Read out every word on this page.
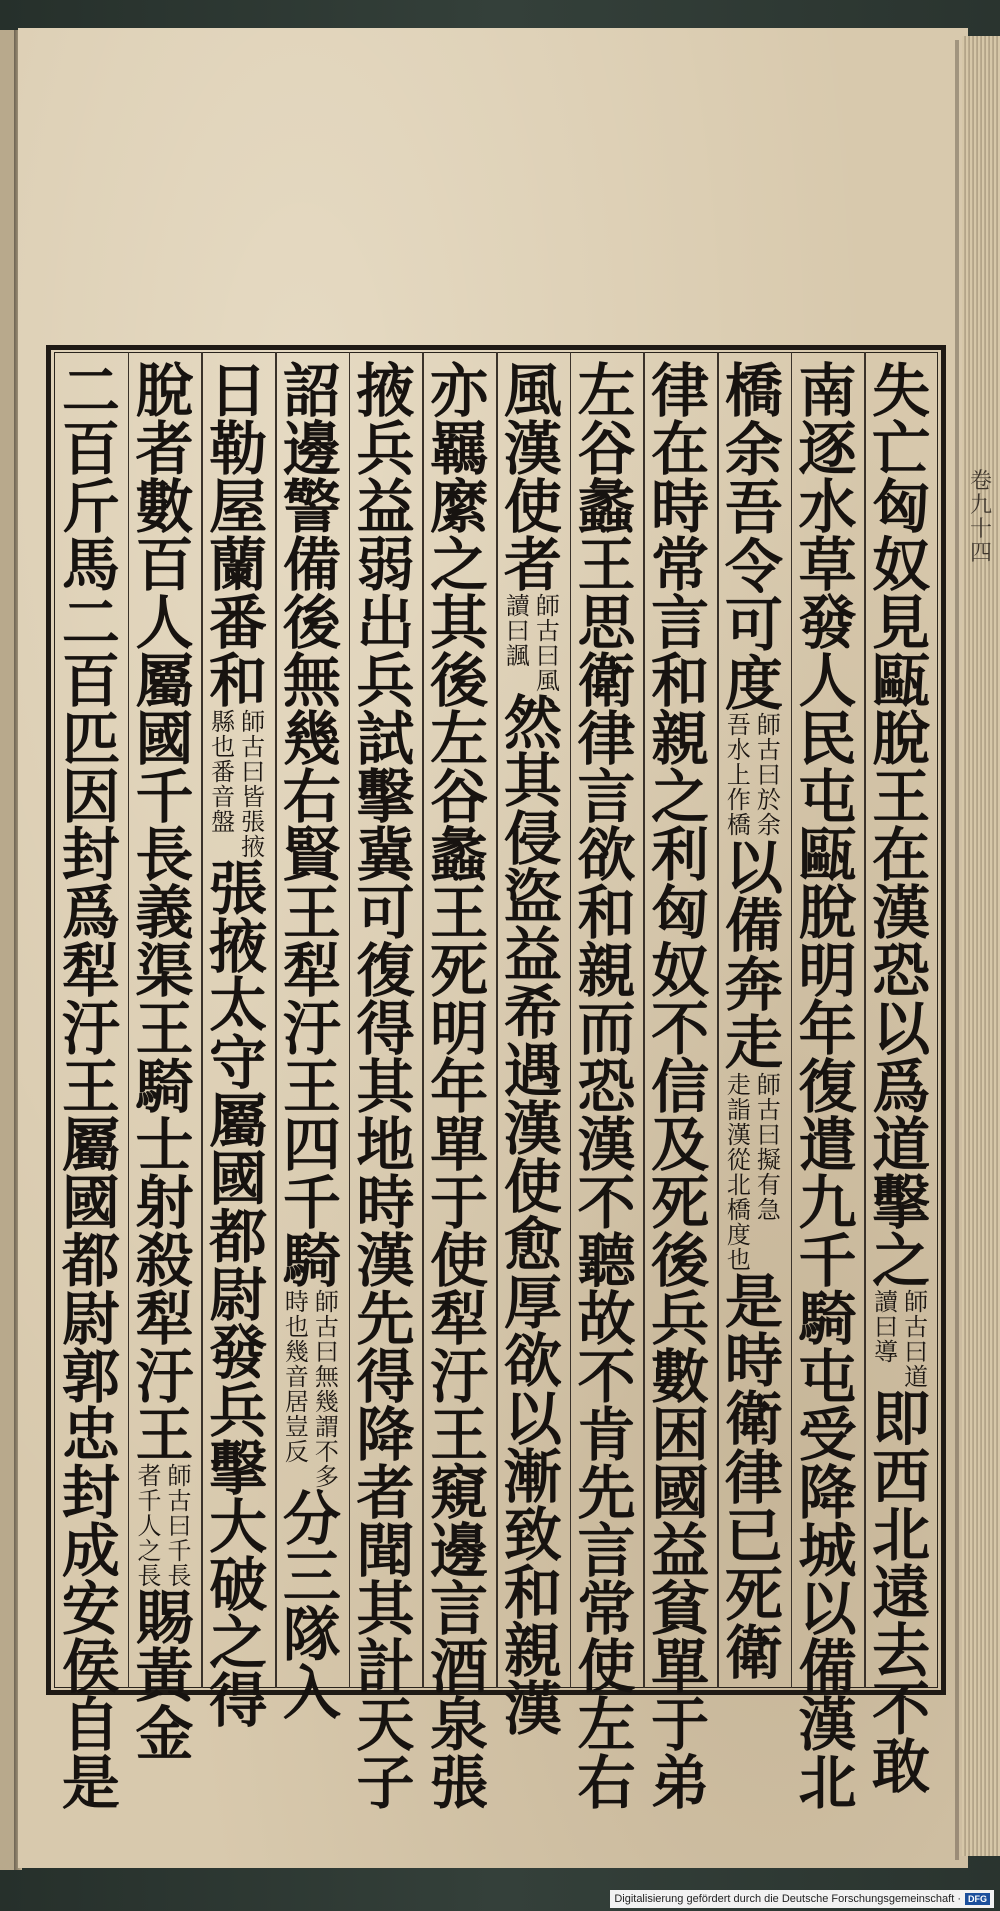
卷
九
十
四
失
亡
匈
奴
見
甌
脫
王
在
漢
恐
以
爲
道
擊
之
師
古
曰
道
讀
曰
導
即
西
北
遠
去
不
敢
南
逐
水
草
發
人
民
屯
甌
脫
明
年
復
遣
九
千
騎
屯
受
降
城
以
備
漢
北
橋
余
吾
令
可
度
師
古
曰
於
余
吾
水
上
作
橋
以
備
奔
走
師
古
曰
擬
有
急
走
詣
漢
從
北
橋
度
也
是
時
衛
律
已
死
衛
律
在
時
常
言
和
親
之
利
匈
奴
不
信
及
死
後
兵
數
困
國
益
貧
單
于
弟
左
谷
蠡
王
思
衛
律
言
欲
和
親
而
恐
漢
不
聽
故
不
肯
先
言
常
使
左
右
風
漢
使
者
師
古
曰
風
讀
曰
諷
然
其
侵
盜
益
希
遇
漢
使
愈
厚
欲
以
漸
致
和
親
漢
亦
羈
縻
之
其
後
左
谷
蠡
王
死
明
年
單
于
使
犁
汙
王
窺
邊
言
酒
泉
張
掖
兵
益
弱
出
兵
試
擊
冀
可
復
得
其
地
時
漢
先
得
降
者
聞
其
計
天
子
詔
邊
警
備
後
無
幾
右
賢
王
犁
汙
王
四
千
騎
師
古
曰
無
幾
謂
不
多
時
也
幾
音
居
豈
反
分
三
隊
入
日
勒
屋
蘭
番
和
師
古
曰
皆
張
掖
縣
也
番
音
盤
張
掖
太
守
屬
國
都
尉
發
兵
擊
大
破
之
得
脫
者
數
百
人
屬
國
千
長
義
渠
王
騎
士
射
殺
犁
汙
王
師
古
曰
千
長
者
千
人
之
長
賜
黃
金
二
百
斤
馬
二
百
匹
因
封
爲
犁
汙
王
屬
國
都
尉
郭
忠
封
成
安
侯
自
是
Digitalisierung gefördert durch die Deutsche Forschungsgemeinschaft · DFG
